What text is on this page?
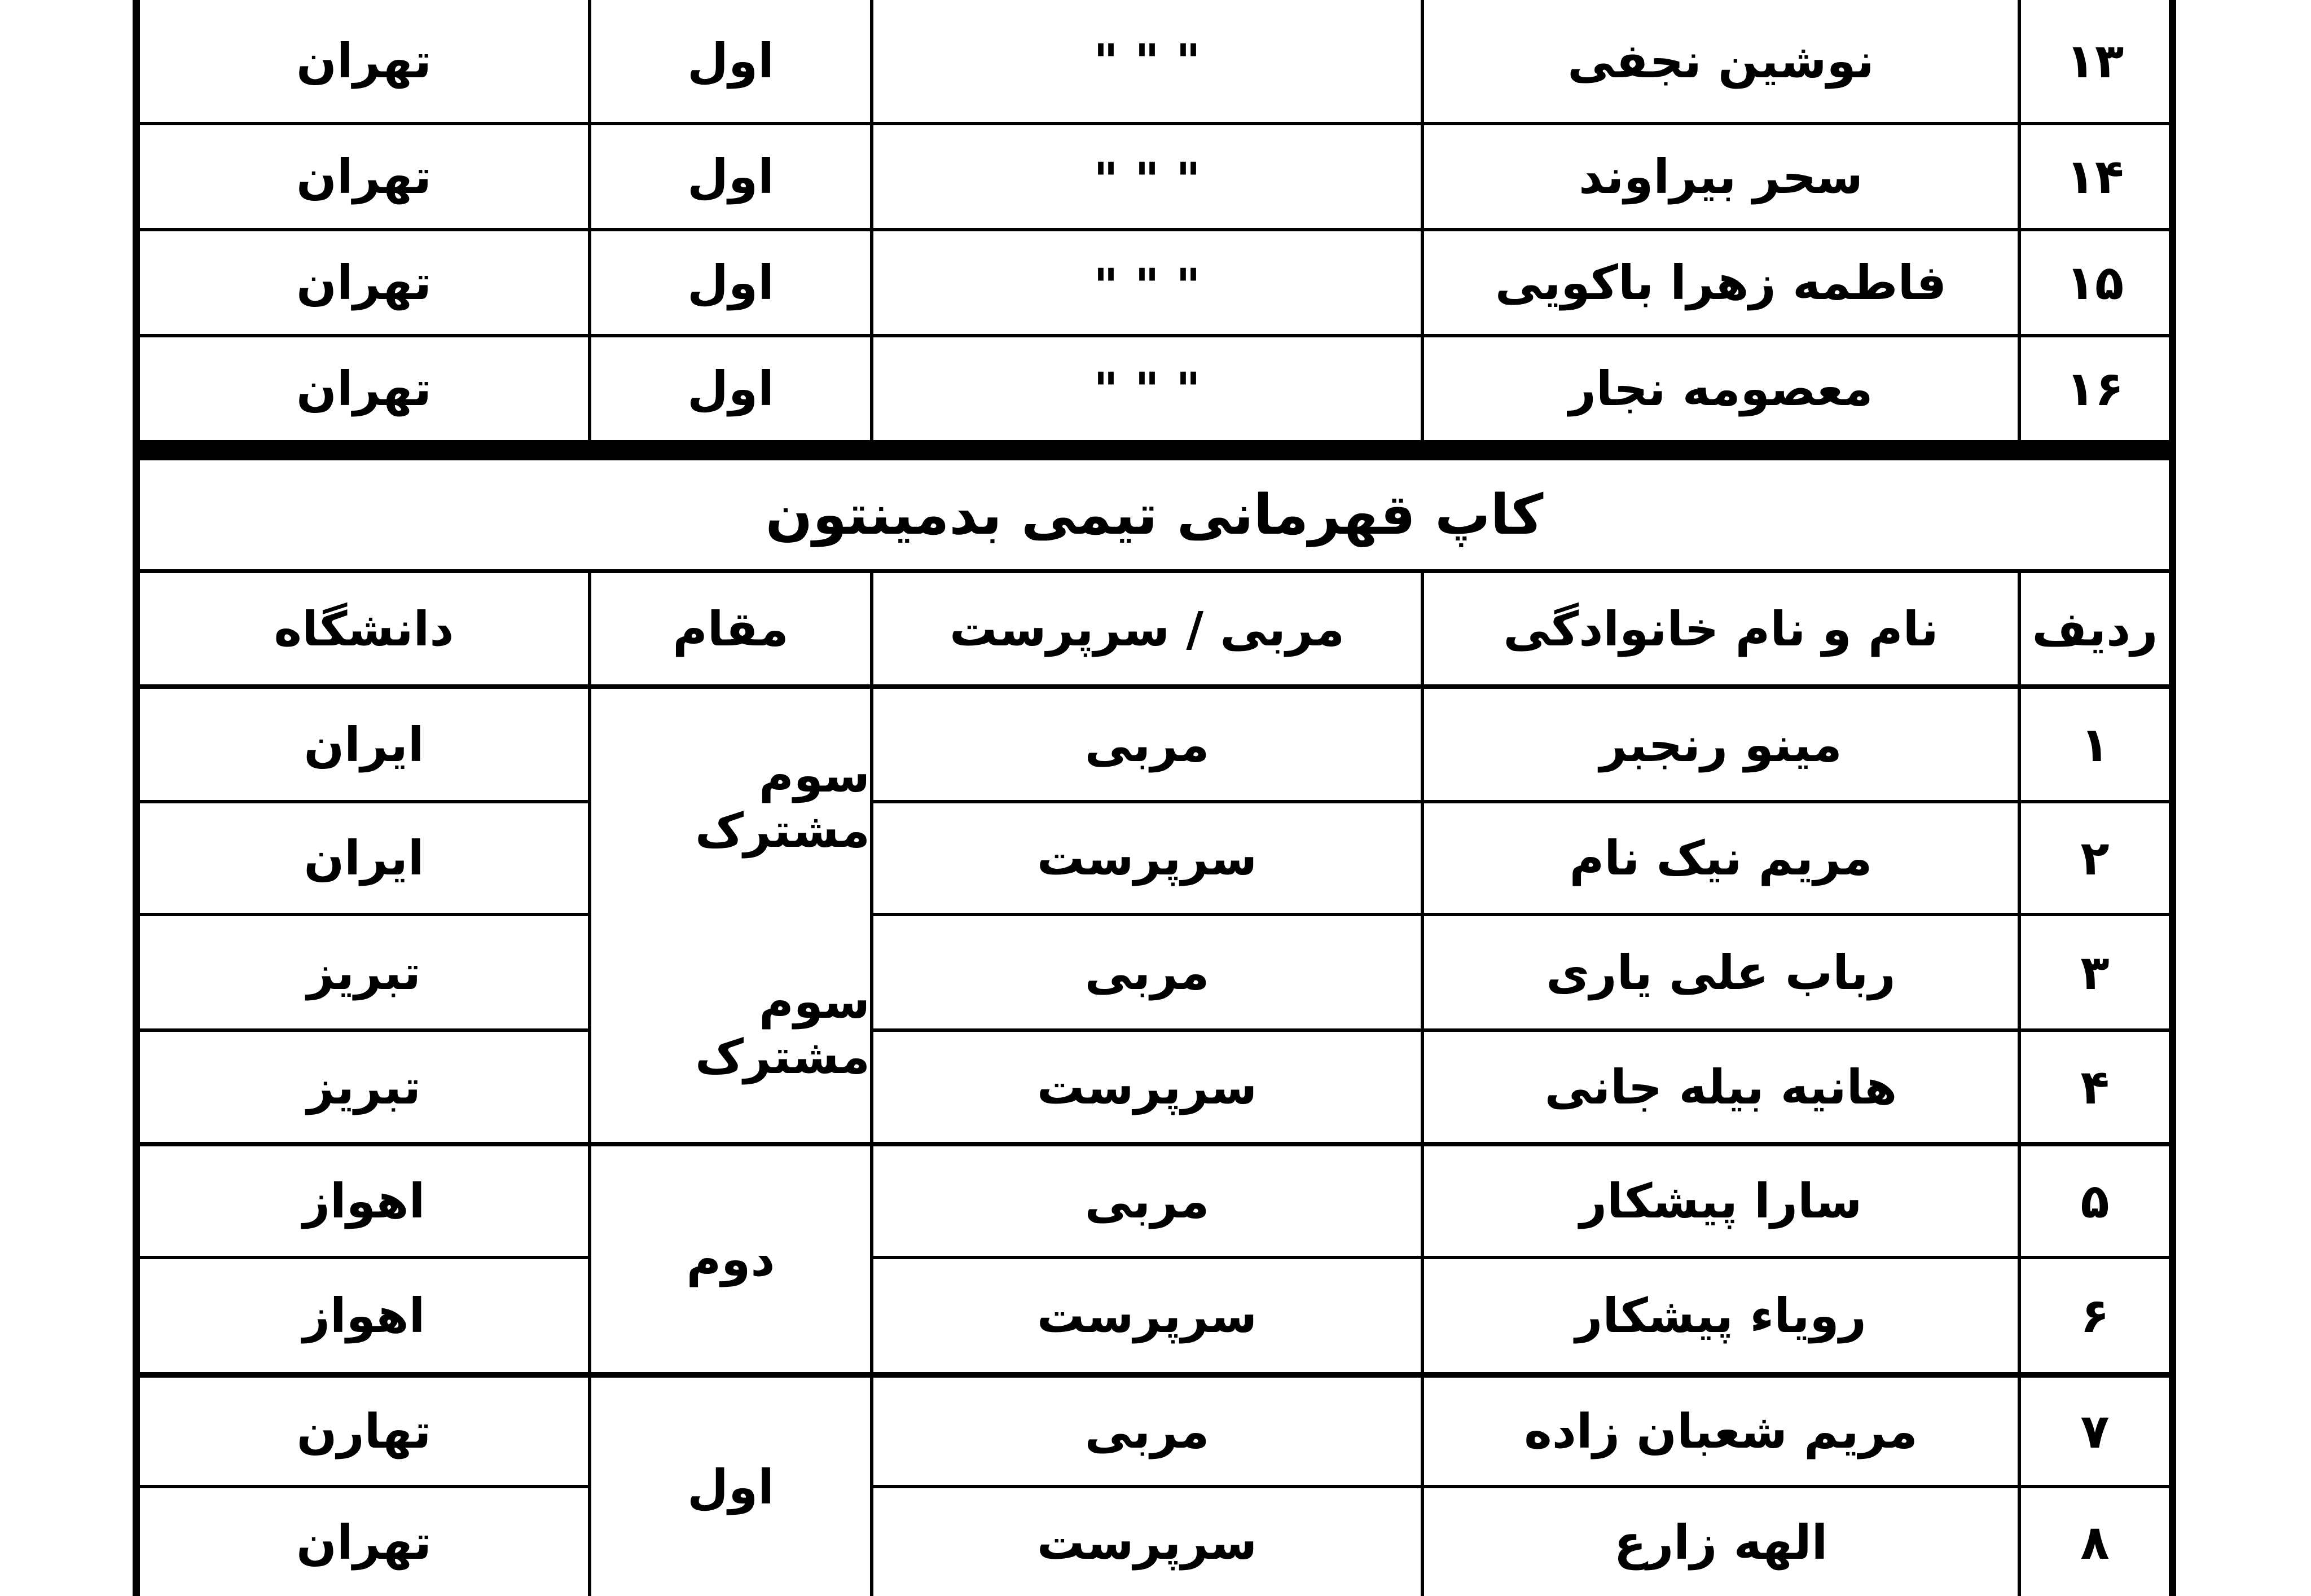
۱۳
نوشین نجفی
" " "
اول
تهران
۱۴
سحر بیراوند
" " "
اول
تهران
۱۵
فاطمه زهرا باکویی
" " "
اول
تهران
۱۶
معصومه نجار
" " "
اول
تهران
کاپ قهرمانی تیمی بدمینتون
ردیف
نام و نام خانوادگی
مربی / سرپرست
مقام
دانشگاه
۱
مینو رنجبر
مربی
ایران
۲
مریم نیک نام
سرپرست
ایران
۳
رباب علی یاری
مربی
تبریز
۴
هانیه بیله جانی
سرپرست
تبریز
۵
سارا پیشکار
مربی
اهواز
۶
رویاء پیشکار
سرپرست
اهواز
۷
مریم شعبان زاده
مربی
تهارن
۸
الهه زارع
سرپرست
تهران
سوم مشترک
سوم مشترک
دوم
اول
